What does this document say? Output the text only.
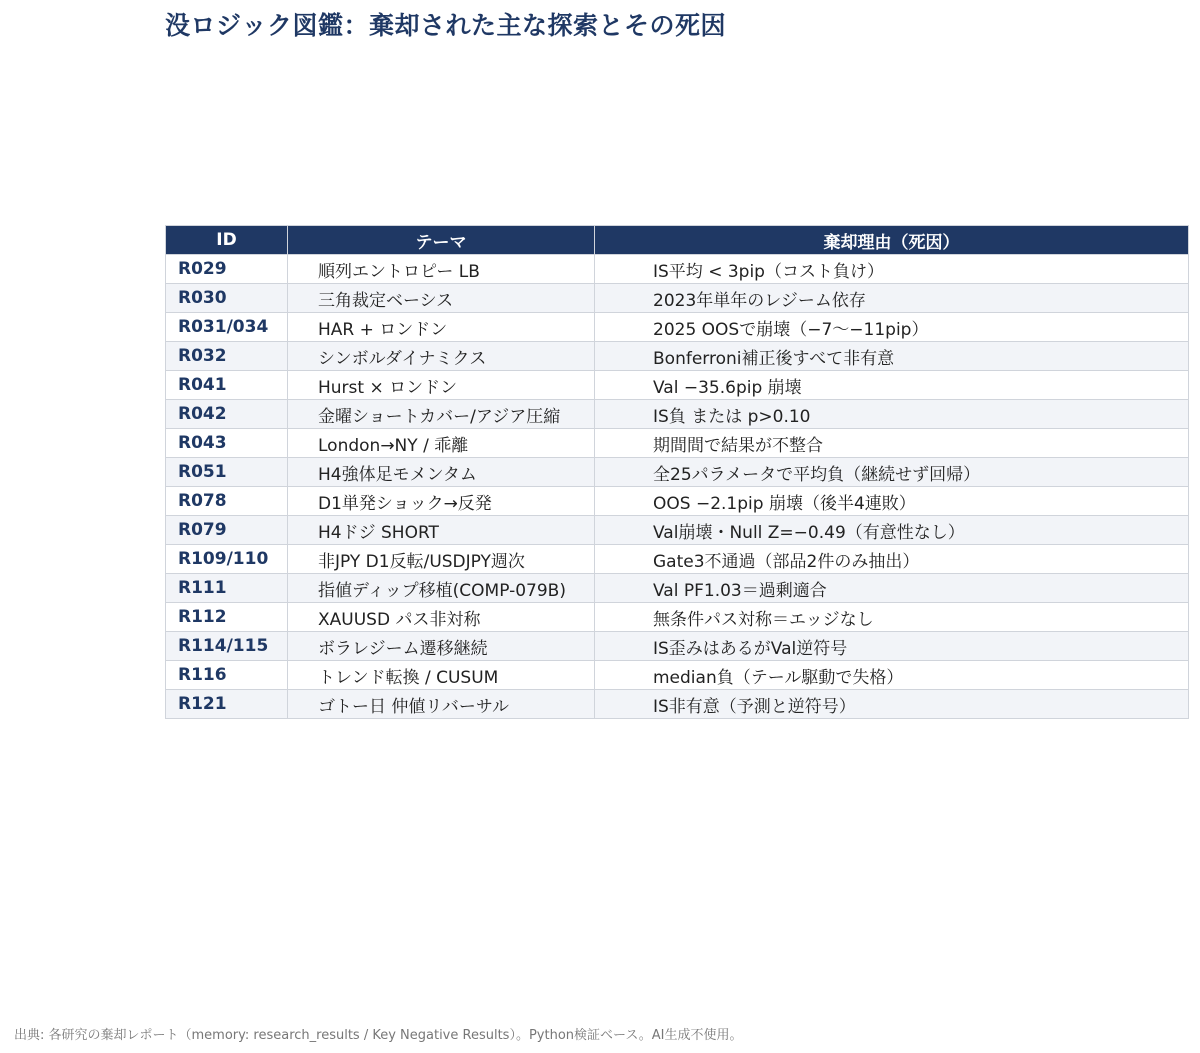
没ロジック図鑑：棄却された主な探索とその死因
ID	テーマ	棄却理由（死因）
R029	順列エントロピー LB	IS平均 < 3pip（コスト負け）
R030	三角裁定ベーシス	2023年単年のレジーム依存
R031/034	HAR + ロンドン	2025 OOSで崩壊（−7〜−11pip）
R032	シンボルダイナミクス	Bonferroni補正後すべて非有意
R041	Hurst × ロンドン	Val −35.6pip 崩壊
R042	金曜ショートカバー/アジア圧縮	IS負 または p>0.10
R043	London→NY / 乖離	期間間で結果が不整合
R051	H4強体足モメンタム	全25パラメータで平均負（継続せず回帰）
R078	D1単発ショック→反発	OOS −2.1pip 崩壊（後半4連敗）
R079	H4ドジ SHORT	Val崩壊・Null Z=−0.49（有意性なし）
R109/110	非JPY D1反転/USDJPY週次	Gate3不通過（部品2件のみ抽出）
R111	指値ディップ移植(COMP-079B)	Val PF1.03＝過剰適合
R112	XAUUSD パス非対称	無条件パス対称＝エッジなし
R114/115	ボラレジーム遷移継続	IS歪みはあるがVal逆符号
R116	トレンド転換 / CUSUM	median負（テール駆動で失格）
R121	ゴトー日 仲値リバーサル	IS非有意（予測と逆符号）
出典: 各研究の棄却レポート（memory: research_results / Key Negative Results）。Python検証ベース。AI生成不使用。
